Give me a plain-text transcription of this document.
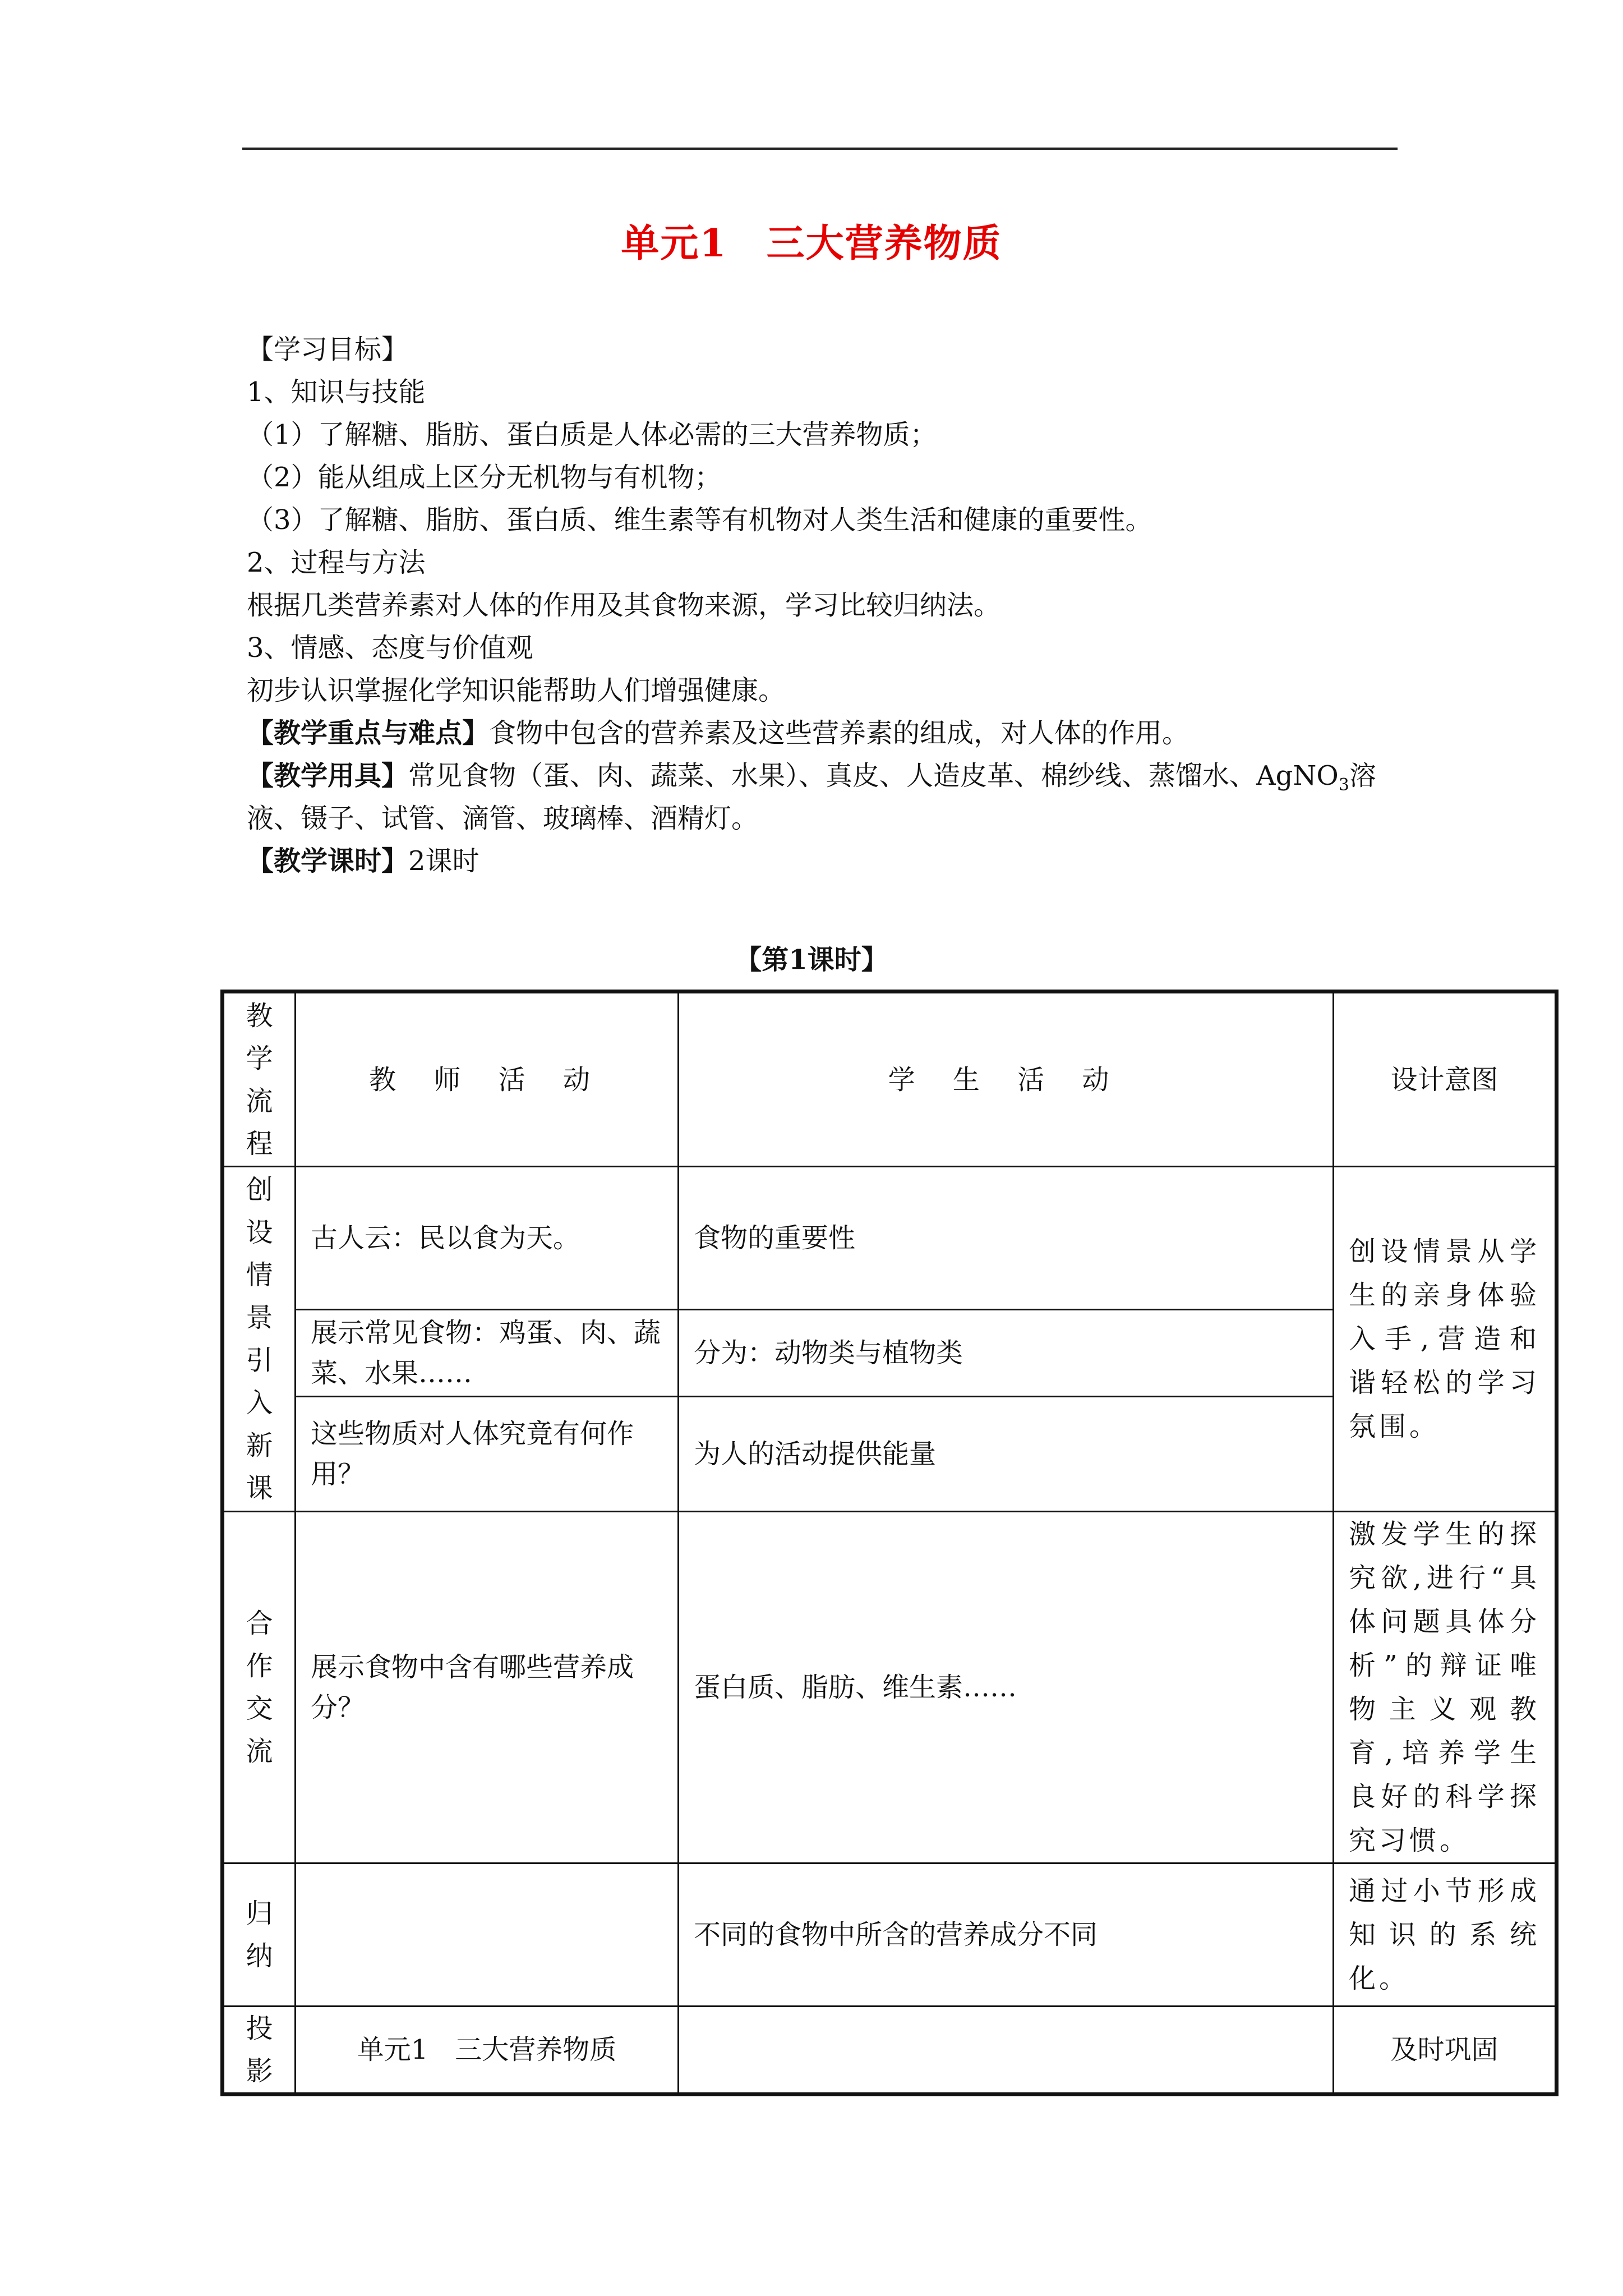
单元1　三大营养物质
【学习目标】
1、知识与技能
（1）了解糖、脂肪、蛋白质是人体必需的三大营养物质；
（2）能从组成上区分无机物与有机物；
（3）了解糖、脂肪、蛋白质、维生素等有机物对人类生活和健康的重要性。
2、过程与方法
根据几类营养素对人体的作用及其食物来源，学习比较归纳法。
3、情感、态度与价值观
初步认识掌握化学知识能帮助人们增强健康。
【教学重点与难点】食物中包含的营养素及这些营养素的组成，对人体的作用。
【教学用具】常见食物（蛋、肉、蔬菜、水果）、真皮、人造皮革、棉纱线、蒸馏水、AgNO$_3$溶
液、镊子、试管、滴管、玻璃棒、酒精灯。
【教学课时】2课时
【第1课时】
教学流程	教 师 活 动	学 生 活 动	设计意图
创设情景引入新课	古人云：民以食为天。	食物的重要性	创设情景从学生的亲身体验入手,营造和谐轻松的学习氛围。
	展示常见食物：鸡蛋、肉、蔬菜、水果……	分为：动物类与植物类	
	这些物质对人体究竟有何作用？	为人的活动提供能量	
合作交流	展示食物中含有哪些营养成分？	蛋白质、脂肪、维生素……	激发学生的探究欲,进行“具体问题具体分析”的辩证唯物主义观教育,培养学生良好的科学探究习惯。
归纳		不同的食物中所含的营养成分不同	通过小节形成知识的系统化。
投影	单元1　三大营养物质		及时巩固
